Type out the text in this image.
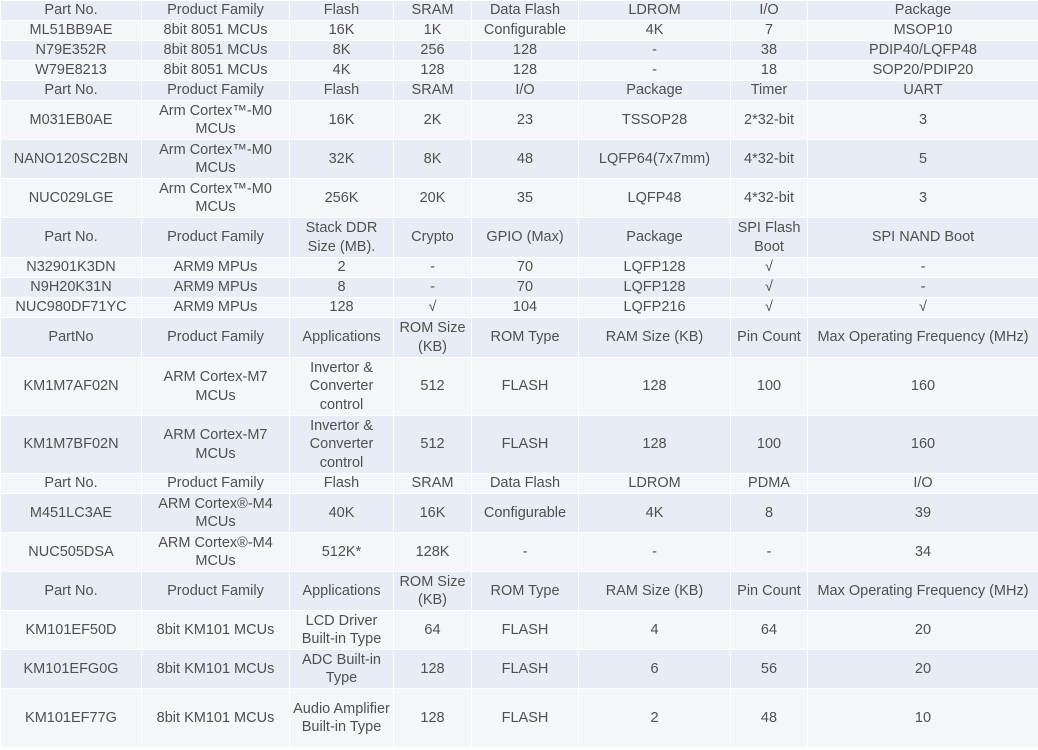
Part No.	Product Family	Flash	SRAM	Data Flash	LDROM	I/O	Package
ML51BB9AE	8bit 8051 MCUs	16K	1K	Configurable	4K	7	MSOP10
N79E352R	8bit 8051 MCUs	8K	256	128	-	38	PDIP40/LQFP48
W79E8213	8bit 8051 MCUs	4K	128	128	-	18	SOP20/PDIP20
Part No.	Product Family	Flash	SRAM	I/O	Package	Timer	UART
M031EB0AE	Arm Cortex™-M0 MCUs	16K	2K	23	TSSOP28	2*32-bit	3
NANO120SC2BN	Arm Cortex™-M0 MCUs	32K	8K	48	LQFP64(7x7mm)	4*32-bit	5
NUC029LGE	Arm Cortex™-M0 MCUs	256K	20K	35	LQFP48	4*32-bit	3
Part No.	Product Family	Stack DDR Size (MB).	Crypto	GPIO (Max)	Package	SPI Flash Boot	SPI NAND Boot
N32901K3DN	ARM9 MPUs	2	-	70	LQFP128	√	-
N9H20K31N	ARM9 MPUs	8	-	70	LQFP128	√	-
NUC980DF71YC	ARM9 MPUs	128	√	104	LQFP216	√	√
PartNo	Product Family	Applications	ROM Size (KB)	ROM Type	RAM Size (KB)	Pin Count	Max Operating Frequency (MHz)
KM1M7AF02N	ARM Cortex-M7 MCUs	Invertor & Converter control	512	FLASH	128	100	160
KM1M7BF02N	ARM Cortex-M7 MCUs	Invertor & Converter control	512	FLASH	128	100	160
Part No.	Product Family	Flash	SRAM	Data Flash	LDROM	PDMA	I/O
M451LC3AE	ARM Cortex®-M4 MCUs	40K	16K	Configurable	4K	8	39
NUC505DSA	ARM Cortex®-M4 MCUs	512K*	128K	-	-	-	34
Part No.	Product Family	Applications	ROM Size (KB)	ROM Type	RAM Size (KB)	Pin Count	Max Operating Frequency (MHz)
KM101EF50D	8bit KM101 MCUs	LCD Driver Built-in Type	64	FLASH	4	64	20
KM101EFG0G	8bit KM101 MCUs	ADC Built-in Type	128	FLASH	6	56	20
KM101EF77G	8bit KM101 MCUs	Audio Amplifier Built-in Type	128	FLASH	2	48	10
